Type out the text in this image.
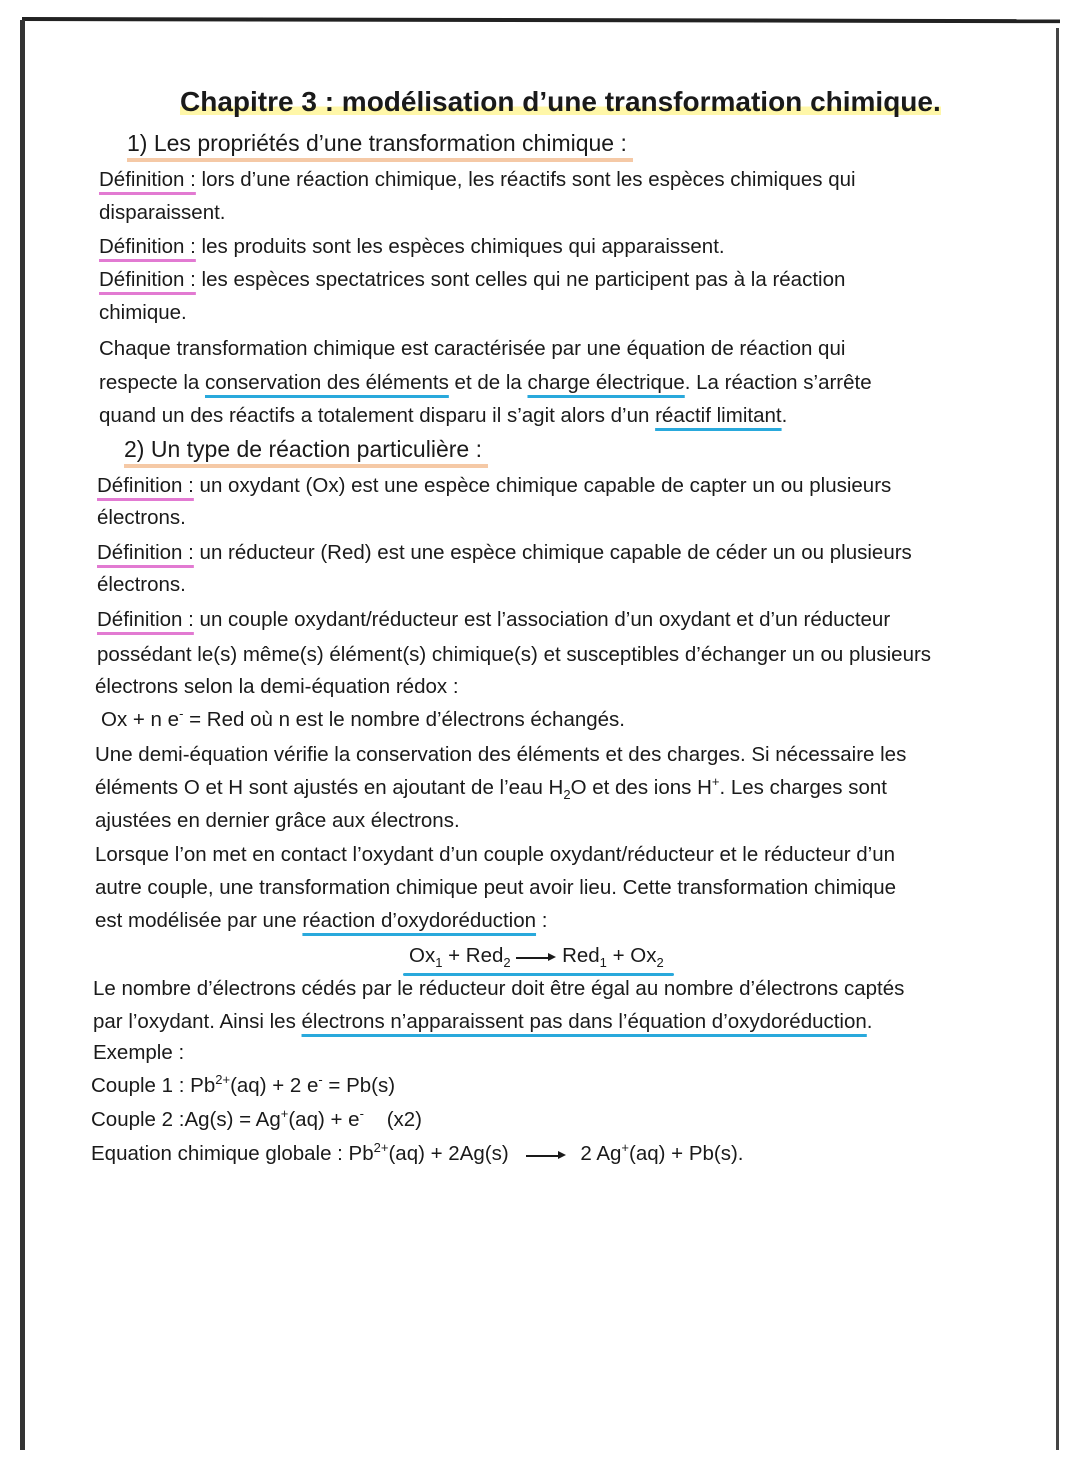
Chapitre 3 : modélisation d’une transformation chimique.
1) Les propriétés d’une transformation chimique :
Définition : lors d’une réaction chimique, les réactifs sont les espèces chimiques qui
disparaissent.
Définition : les produits sont les espèces chimiques qui apparaissent.
Définition : les espèces spectatrices sont celles qui ne participent pas à la réaction
chimique.
Chaque transformation chimique est caractérisée par une équation de réaction qui
respecte la conservation des éléments et de la charge électrique. La réaction s’arrête
quand un des réactifs a totalement disparu il s’agit alors d’un réactif limitant.
2) Un type de réaction particulière :
Définition : un oxydant (Ox) est une espèce chimique capable de capter un ou plusieurs
électrons.
Définition : un réducteur (Red) est une espèce chimique capable de céder un ou plusieurs
électrons.
Définition : un couple oxydant/réducteur est l’association d’un oxydant et d’un réducteur
possédant le(s) même(s) élément(s) chimique(s) et susceptibles d’échanger un ou plusieurs
électrons selon la demi-équation rédox :
Ox + n e- = Red où n est le nombre d’électrons échangés.
Une demi-équation vérifie la conservation des éléments et des charges. Si nécessaire les
éléments O et H sont ajustés en ajoutant de l’eau $H_2O$ et des ions H+. Les charges sont
ajustées en dernier grâce aux électrons.
Lorsque l’on met en contact l’oxydant d’un couple oxydant/réducteur et le réducteur d’un
autre couple, une transformation chimique peut avoir lieu. Cette transformation chimique
est modélisée par une réaction d’oxydoréduction :
$Ox_1 + Red_2$	$Red_1 + Ox_2$
Le nombre d’électrons cédés par le réducteur doit être égal au nombre d’électrons captés
par l’oxydant. Ainsi les électrons n’apparaissent pas dans l’équation d’oxydoréduction.
Exemple :
Couple 1 : $Pb^{2+}(aq) + 2$ e- = Pb(s)
Couple 2 :Ag(s) = Ag+(aq) + e-    (x2)
Equation chimique globale : $Pb^{2+}(aq) + 2Ag(s)$	2 Ag+(aq) + Pb(s).
